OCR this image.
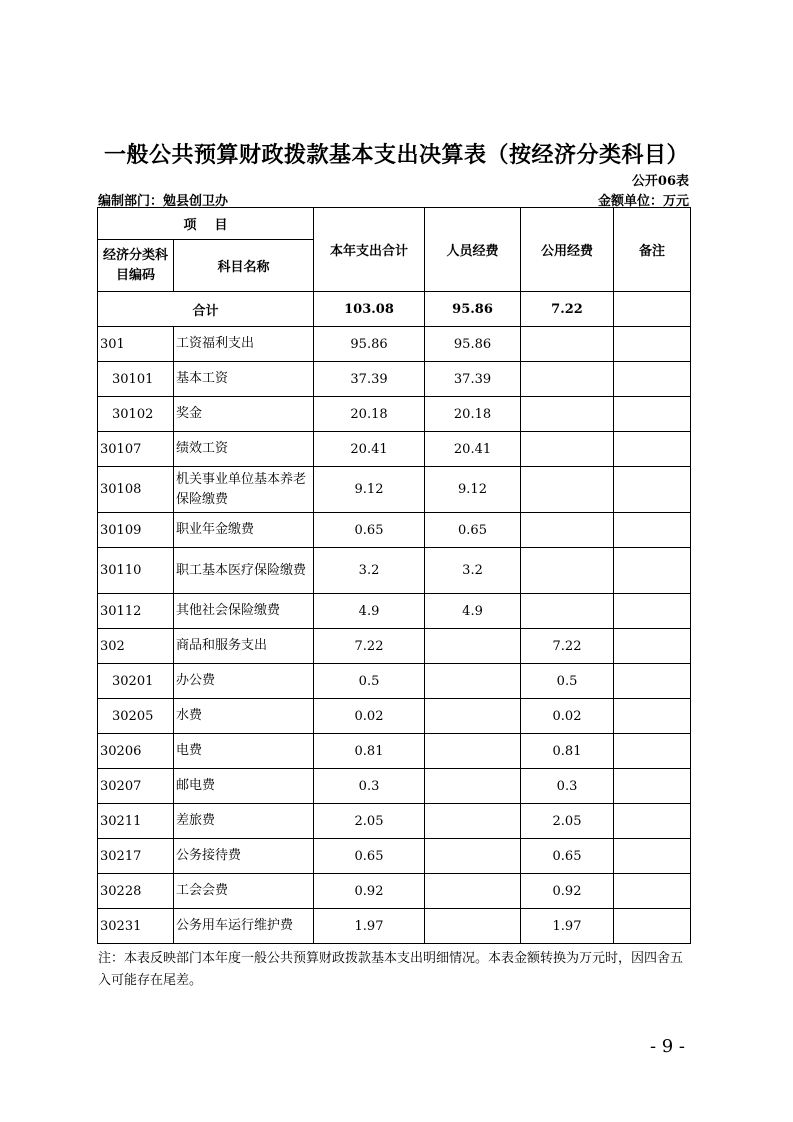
一般公共预算财政拨款基本支出决算表（按经济分类科目）
公开06表
编制部门：勉县创卫办	金额单位：万元
项    目		本年支出合计	人员经费	公用经费	备注
经济分类科目编码	科目名称				
合计		103.08	95.86	7.22	
301	工资福利支出	95.86	95.86		
30101	基本工资	37.39	37.39		
30102	奖金	20.18	20.18		
30107	绩效工资	20.41	20.41		
30108	机关事业单位基本养老保险缴费	9.12	9.12		
30109	职业年金缴费	0.65	0.65		
30110	职工基本医疗保险缴费	3.2	3.2		
30112	其他社会保险缴费	4.9	4.9		
302	商品和服务支出	7.22		7.22	
30201	办公费	0.5		0.5	
30205	水费	0.02		0.02	
30206	电费	0.81		0.81	
30207	邮电费	0.3		0.3	
30211	差旅费	2.05		2.05	
30217	公务接待费	0.65		0.65	
30228	工会会费	0.92		0.92	
30231	公务用车运行维护费	1.97		1.97	
注：本表反映部门本年度一般公共预算财政拨款基本支出明细情况。本表金额转换为万元时，因四舍五入可能存在尾差。
- 9 -
